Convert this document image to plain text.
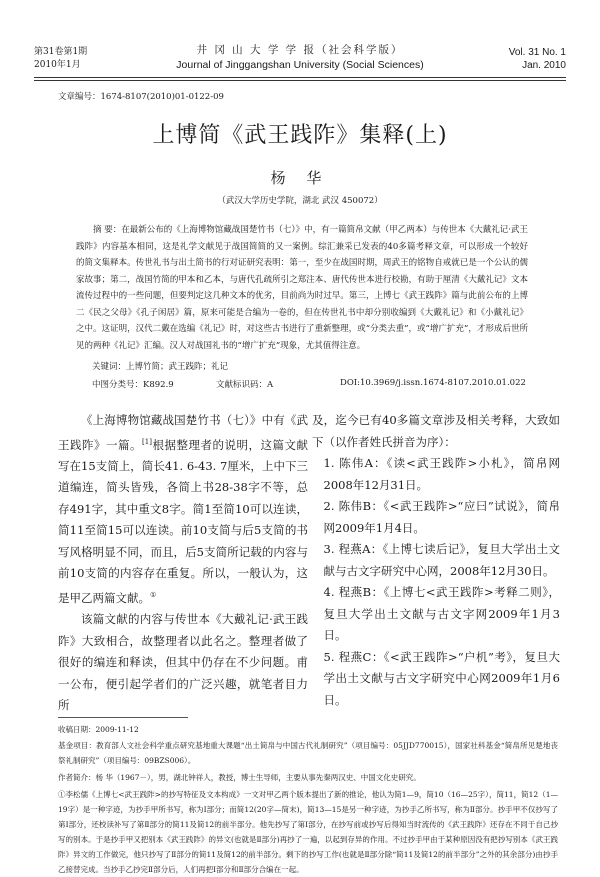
第31卷第1期
2010年1月
井 冈 山 大 学 学 报（社会科学版）
Journal of Jinggangshan University (Social Sciences)
Vol. 31 No. 1
Jan. 2010
文章编号：1674-8107(2010)01-0122-09
上博简《武王践阼》集释(上)
杨 华
（武汉大学历史学院，湖北 武汉 450072）
摘 要：在最新公布的《上海博物馆藏战国楚竹书（七）》中，有一篇简帛文献（甲乙两本）与传世本《大戴礼记·武王践阼》内容基本相同，这是礼学文献见于战国简简的又一案例。综汇兼采已发表的40多篇考释文章，可以形成一个较好的简文集释本。传世礼书与出土简书的行对证研究表明：第一，至少在战国时期，周武王的铭物自戒就已是一个公认的儒家故事；第二，战国竹简的甲本和乙本，与唐代孔疏所引之郑注本、唐代传世本进行校勘，有助于厘清《大戴礼记》文本流传过程中的一些问题，但要判定这几种文本的优劣，目前尚为时过早。第三，上博七《武王践阼》篇与此前公布的上博二《民之父母》《孔子闲居》篇，原来可能是合编为一卷的，但在传世礼书中却分别收编到《大戴礼记》和《小戴礼记》之中。这证明，汉代二戴在选编《礼记》时，对这些古书进行了重新整理，或“分类去重”，或“增广扩充”，才形成后世所见的两种《礼记》汇编。汉人对战国礼书的“增广扩充”现象，尤其值得注意。
关键词：上博竹简；武王践阼；礼记
中图分类号：K892.9	文献标识码：A	DOI:10.3969/j.issn.1674-8107.2010.01.022

《上海博物馆藏战国楚竹书（七）》中有《武王践阼》一篇。[1]根据整理者的说明，这篇文献写在15支简上，简长41. 6-43. 7厘米，上中下三道编连，简头皆残，各简上书28-38字不等，总存491字，其中重文8字。简1至简10可以连读，简11至简15可以连读。前10支简与后5支简的书写风格明显不同，而且，后5支简所记载的内容与前10支简的内容存在重复。所以，一般认为，这是甲乙两篇文献。①

该篇文献的内容与传世本《大戴礼记·武王践阼》大致相合，故整理者以此名之。整理者做了很好的编连和释读，但其中仍存在不少问题。甫一公布，便引起学者们的广泛兴趣，就笔者目力所

及，迄今已有40多篇文章涉及相关考释，大致如下（以作者姓氏拼音为序）：

1. 陈伟A：《读<武王践阼>小札》，简帛网2008年12月31日。

2. 陈伟B：《<武王践阼>“应曰”试说》，简帛网2009年1月4日。

3. 程燕A：《上博七读后记》，复旦大学出土文献与古文字研究中心网，2008年12月30日。

4. 程燕B：《上博七<武王践阼>考释二则》，复旦大学出土文献与古文字网2009年1月3日。

5. 程燕C：《<武王践阼>“户机”考》，复旦大学出土文献与古文字研究中心网2009年1月6日。

收稿日期：2009-11-12
基金项目：教育部人文社会科学重点研究基地重大课题“出土简帛与中国古代礼制研究”（项目编号：05JJD770015），国家社科基金“简帛所见楚地丧祭礼制研究”（项目编号：09BZS006）。
作者简介：杨 华（1967－），男，湖北钟祥人，教授，博士生导师，主要从事先秦两汉史、中国文化史研究。
①李松儒《上博七<武王践阼>的抄写特征及文本构成》一文对甲乙两个版本提出了新的推论，他认为简1—9，简10（16—25字），简11，简12（1—19字）是一种字迹，为抄手甲所书写，称为Ⅰ部分；而简12(20字—简末)，简13—15是另一种字迹，为抄手乙所书写，称为Ⅱ部分。抄手甲不仅抄写了第Ⅰ部分，还校读补写了第Ⅱ部分的简11及简12的前半部分。他先抄写了第Ⅰ部分，在抄写前或抄写后得知当时流传的《武王践阼》还存在不同于自己抄写的别本。于是抄手甲又把别本《武王践阼》的异文(也就是Ⅱ部分)再抄了一遍，以起到存异的作用。不过抄手甲由于某种原因没有把抄写别本《武王践阼》异文的工作做完，他只抄写了Ⅱ部分的简11及简12的前半部分。剩下的抄写工作(也就是Ⅱ部分除“简11及简12的前半部分”之外的其余部分)由抄手乙接替完成。当抄手乙抄完Ⅱ部分后，人们再把Ⅰ部分和Ⅱ部分合编在一起。
